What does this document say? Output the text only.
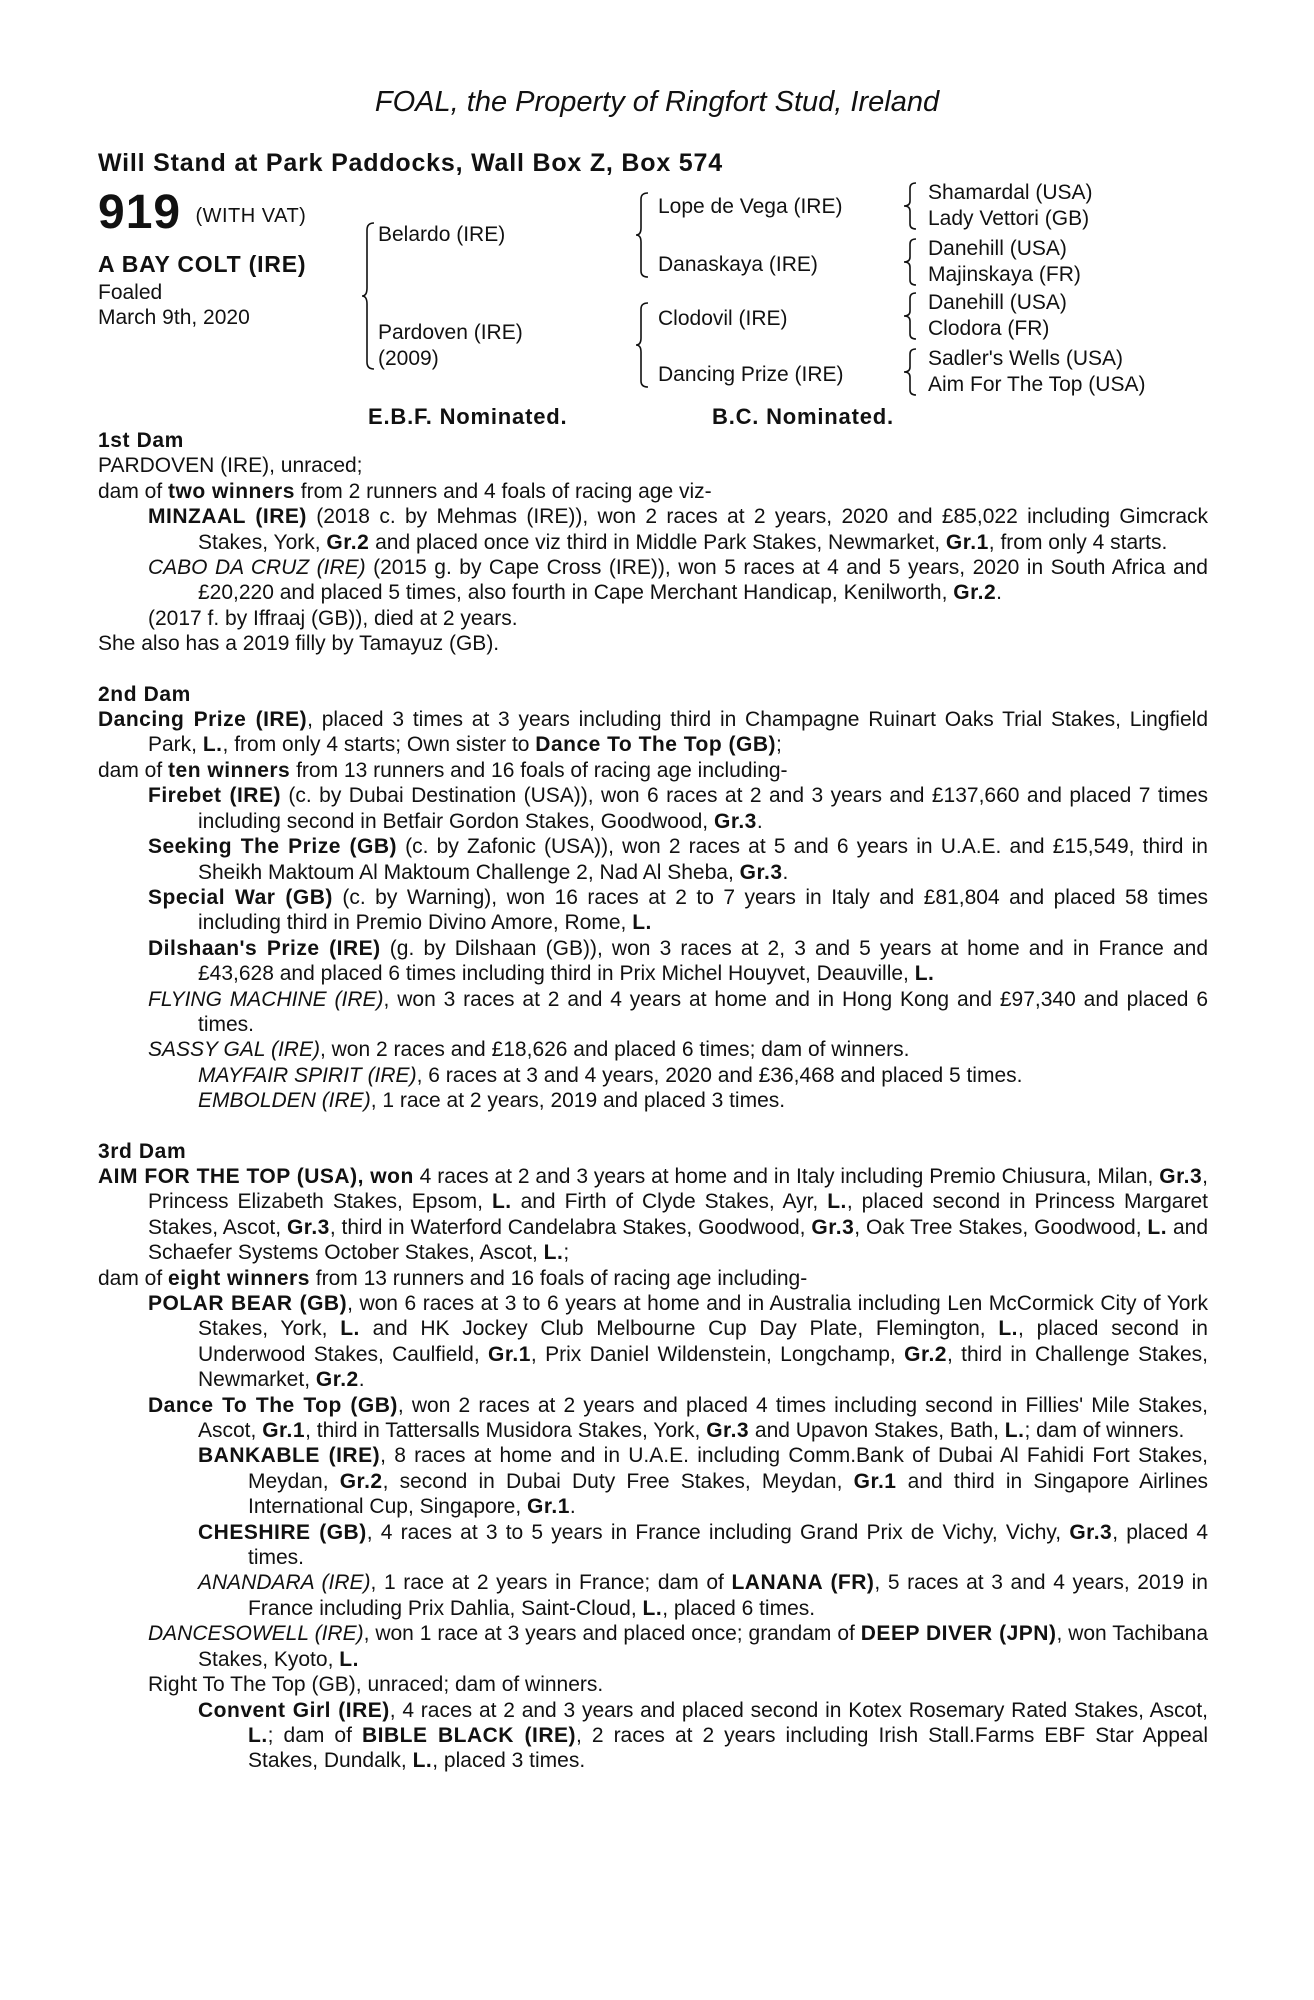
FOAL, the Property of Ringfort Stud, Ireland
Will Stand at Park Paddocks, Wall Box Z, Box 574
919 (WITH VAT)
A BAY COLT (IRE)
Foaled
March 9th, 2020
Belardo (IRE)
Pardoven (IRE)
(2009)
Lope de Vega (IRE)
Danaskaya (IRE)
Clodovil (IRE)
Dancing Prize (IRE)
Shamardal (USA)
Lady Vettori (GB)
Danehill (USA)
Majinskaya (FR)
Danehill (USA)
Clodora (FR)
Sadler's Wells (USA)
Aim For The Top (USA)
E.B.F. Nominated.	B.C. Nominated.

1st Dam

PARDOVEN (IRE), unraced;

dam of two winners from 2 runners and 4 foals of racing age viz-

MINZAAL (IRE) (2018 c. by Mehmas (IRE)), won 2 races at 2 years, 2020 and £85,022 including Gimcrack Stakes, York, Gr.2 and placed once viz third in Middle Park Stakes, Newmarket, Gr.1, from only 4 starts.

CABO DA CRUZ (IRE) (2015 g. by Cape Cross (IRE)), won 5 races at 4 and 5 years, 2020 in South Africa and £20,220 and placed 5 times, also fourth in Cape Merchant Handicap, Kenilworth, Gr.2.

(2017 f. by Iffraaj (GB)), died at 2 years.

She also has a 2019 filly by Tamayuz (GB).

2nd Dam

Dancing Prize (IRE), placed 3 times at 3 years including third in Champagne Ruinart Oaks Trial Stakes, Lingfield Park, L., from only 4 starts; Own sister to Dance To The Top (GB);

dam of ten winners from 13 runners and 16 foals of racing age including-

Firebet (IRE) (c. by Dubai Destination (USA)), won 6 races at 2 and 3 years and £137,660 and placed 7 times including second in Betfair Gordon Stakes, Goodwood, Gr.3.

Seeking The Prize (GB) (c. by Zafonic (USA)), won 2 races at 5 and 6 years in U.A.E. and £15,549, third in Sheikh Maktoum Al Maktoum Challenge 2, Nad Al Sheba, Gr.3.

Special War (GB) (c. by Warning), won 16 races at 2 to 7 years in Italy and £81,804 and placed 58 times including third in Premio Divino Amore, Rome, L.

Dilshaan's Prize (IRE) (g. by Dilshaan (GB)), won 3 races at 2, 3 and 5 years at home and in France and £43,628 and placed 6 times including third in Prix Michel Houyvet, Deauville, L.

FLYING MACHINE (IRE), won 3 races at 2 and 4 years at home and in Hong Kong and £97,340 and placed 6 times.

SASSY GAL (IRE), won 2 races and £18,626 and placed 6 times; dam of winners.

MAYFAIR SPIRIT (IRE), 6 races at 3 and 4 years, 2020 and £36,468 and placed 5 times.

EMBOLDEN (IRE), 1 race at 2 years, 2019 and placed 3 times.

3rd Dam

AIM FOR THE TOP (USA), won 4 races at 2 and 3 years at home and in Italy including Premio Chiusura, Milan, Gr.3, Princess Elizabeth Stakes, Epsom, L. and Firth of Clyde Stakes, Ayr, L., placed second in Princess Margaret Stakes, Ascot, Gr.3, third in Waterford Candelabra Stakes, Goodwood, Gr.3, Oak Tree Stakes, Goodwood, L. and Schaefer Systems October Stakes, Ascot, L.;

dam of eight winners from 13 runners and 16 foals of racing age including-

POLAR BEAR (GB), won 6 races at 3 to 6 years at home and in Australia including Len McCormick City of York Stakes, York, L. and HK Jockey Club Melbourne Cup Day Plate, Flemington, L., placed second in Underwood Stakes, Caulfield, Gr.1, Prix Daniel Wildenstein, Longchamp, Gr.2, third in Challenge Stakes, Newmarket, Gr.2.

Dance To The Top (GB), won 2 races at 2 years and placed 4 times including second in Fillies' Mile Stakes, Ascot, Gr.1, third in Tattersalls Musidora Stakes, York, Gr.3 and Upavon Stakes, Bath, L.; dam of winners.

BANKABLE (IRE), 8 races at home and in U.A.E. including Comm.Bank of Dubai Al Fahidi Fort Stakes, Meydan, Gr.2, second in Dubai Duty Free Stakes, Meydan, Gr.1 and third in Singapore Airlines International Cup, Singapore, Gr.1.

CHESHIRE (GB), 4 races at 3 to 5 years in France including Grand Prix de Vichy, Vichy, Gr.3, placed 4 times.

ANANDARA (IRE), 1 race at 2 years in France; dam of LANANA (FR), 5 races at 3 and 4 years, 2019 in France including Prix Dahlia, Saint-Cloud, L., placed 6 times.

DANCESOWELL (IRE), won 1 race at 3 years and placed once; grandam of DEEP DIVER (JPN), won Tachibana Stakes, Kyoto, L.

Right To The Top (GB), unraced; dam of winners.

Convent Girl (IRE), 4 races at 2 and 3 years and placed second in Kotex Rosemary Rated Stakes, Ascot, L.; dam of BIBLE BLACK (IRE), 2 races at 2 years including Irish Stall.Farms EBF Star Appeal Stakes, Dundalk, L., placed 3 times.
